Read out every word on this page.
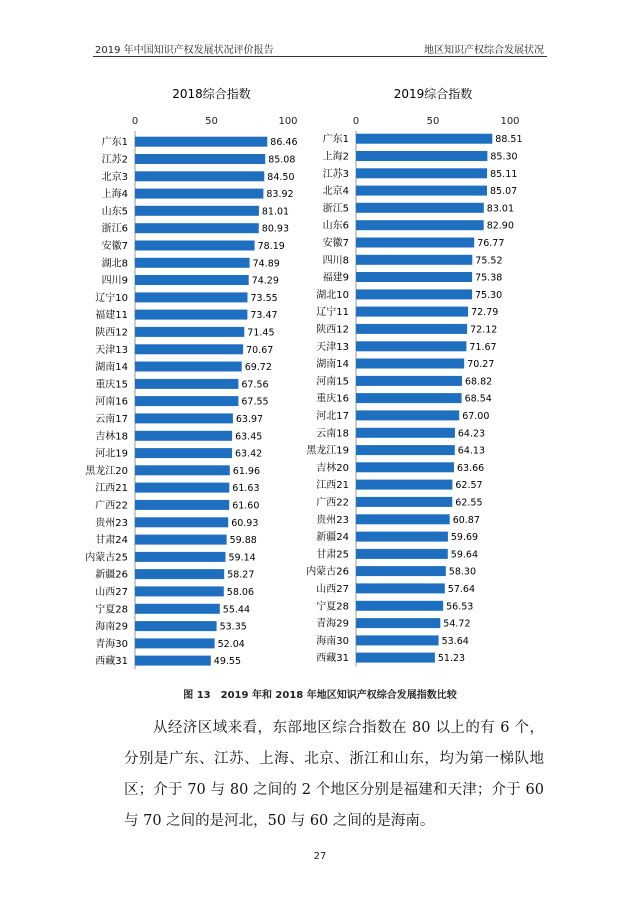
2019 年中国知识产权发展状况评价报告	地区知识产权综合发展状况
2018综合指数
0	50	100
广东1	86.46
江苏2	85.08
北京3	84.50
上海4	83.92
山东5	81.01
浙江6	80.93
安徽7	78.19
湖北8	74.89
四川9	74.29
辽宁10	73.55
福建11	73.47
陕西12	71.45
天津13	70.67
湖南14	69.72
重庆15	67.56
河南16	67.55
云南17	63.97
吉林18	63.45
河北19	63.42
黑龙江20	61.96
江西21	61.63
广西22	61.60
贵州23	60.93
甘肃24	59.88
内蒙古25	59.14
新疆26	58.27
山西27	58.06
宁夏28	55.44
海南29	53.35
青海30	52.04
西藏31	49.55
2019综合指数
0	50	100
广东1	88.51
上海2	85.30
江苏3	85.11
北京4	85.07
浙江5	83.01
山东6	82.90
安徽7	76.77
四川8	75.52
福建9	75.38
湖北10	75.30
辽宁11	72.79
陕西12	72.12
天津13	71.67
湖南14	70.27
河南15	68.82
重庆16	68.54
河北17	67.00
云南18	64.23
黑龙江19	64.13
吉林20	63.66
江西21	62.57
广西22	62.55
贵州23	60.87
新疆24	59.69
甘肃25	59.64
内蒙古26	58.30
山西27	57.64
宁夏28	56.53
青海29	54.72
海南30	53.64
西藏31	51.23
图 13　2019 年和 2018 年地区知识产权综合发展指数比较
从经济区域来看，东部地区综合指数在 80 以上的有 6 个，分别是广东、江苏、上海、北京、浙江和山东，均为第一梯队地区；介于 70 与 80 之间的 2 个地区分别是福建和天津；介于 60 与 70 之间的是河北，50 与 60 之间的是海南。
27
